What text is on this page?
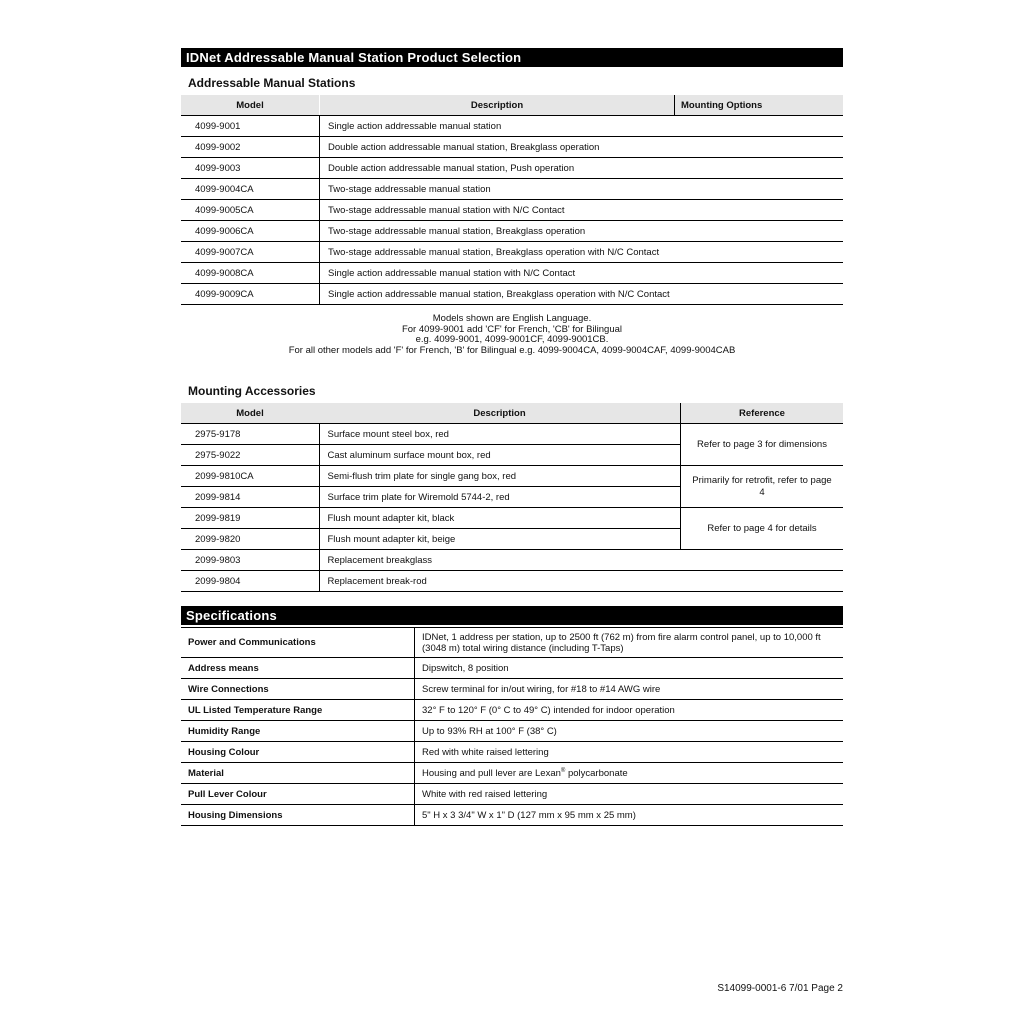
IDNet Addressable Manual Station Product Selection
Addressable Manual Stations
Model	Description	Mounting Options
4099-9001	Single action addressable manual station	
4099-9002	Double action addressable manual station, Breakglass operation	
4099-9003	Double action addressable manual station, Push operation	
4099-9004CA	Two-stage addressable manual station	
4099-9005CA	Two-stage addressable manual station with N/C Contact	
4099-9006CA	Two-stage addressable manual station, Breakglass operation	
4099-9007CA	Two-stage addressable manual station, Breakglass operation with N/C Contact	
4099-9008CA	Single action addressable manual station with N/C Contact	
4099-9009CA	Single action addressable manual station, Breakglass operation with N/C Contact	
Models shown are English Language.
For 4099-9001 add 'CF' for French, 'CB' for Bilingual
e.g. 4099-9001, 4099-9001CF, 4099-9001CB.
For all other models add 'F' for French, 'B' for Bilingual e.g. 4099-9004CA, 4099-9004CAF, 4099-9004CAB
Mounting Accessories
Model	Description	Reference
2975-9178	Surface mount steel box, red	Refer to page 3 for dimensions
2975-9022	Cast aluminum surface mount box, red	
2099-9810CA	Semi-flush trim plate for single gang box, red	Primarily for retrofit, refer to page 4
2099-9814	Surface trim plate for Wiremold 5744-2, red	
2099-9819	Flush mount adapter kit, black	Refer to page 4 for details
2099-9820	Flush mount adapter kit, beige	
2099-9803	Replacement breakglass	
2099-9804	Replacement break-rod	
Specifications
Power and Communications	IDNet, 1 address per station, up to 2500 ft (762 m) from fire alarm control panel, up to 10,000 ft (3048 m) total wiring distance (including T-Taps)
Address means	Dipswitch, 8 position
Wire Connections	Screw terminal for in/out wiring, for #18 to #14 AWG wire
UL Listed Temperature Range	32° F to 120° F (0° C to 49° C) intended for indoor operation
Humidity Range	Up to 93% RH at 100° F (38° C)
Housing Colour	Red with white raised lettering
Material	Housing and pull lever are Lexan® polycarbonate
Pull Lever Colour	White with red raised lettering
Housing Dimensions	5" H x 3 3/4" W x 1" D (127 mm x 95 mm x 25 mm)
S14099-0001-6 7/01 Page 2
